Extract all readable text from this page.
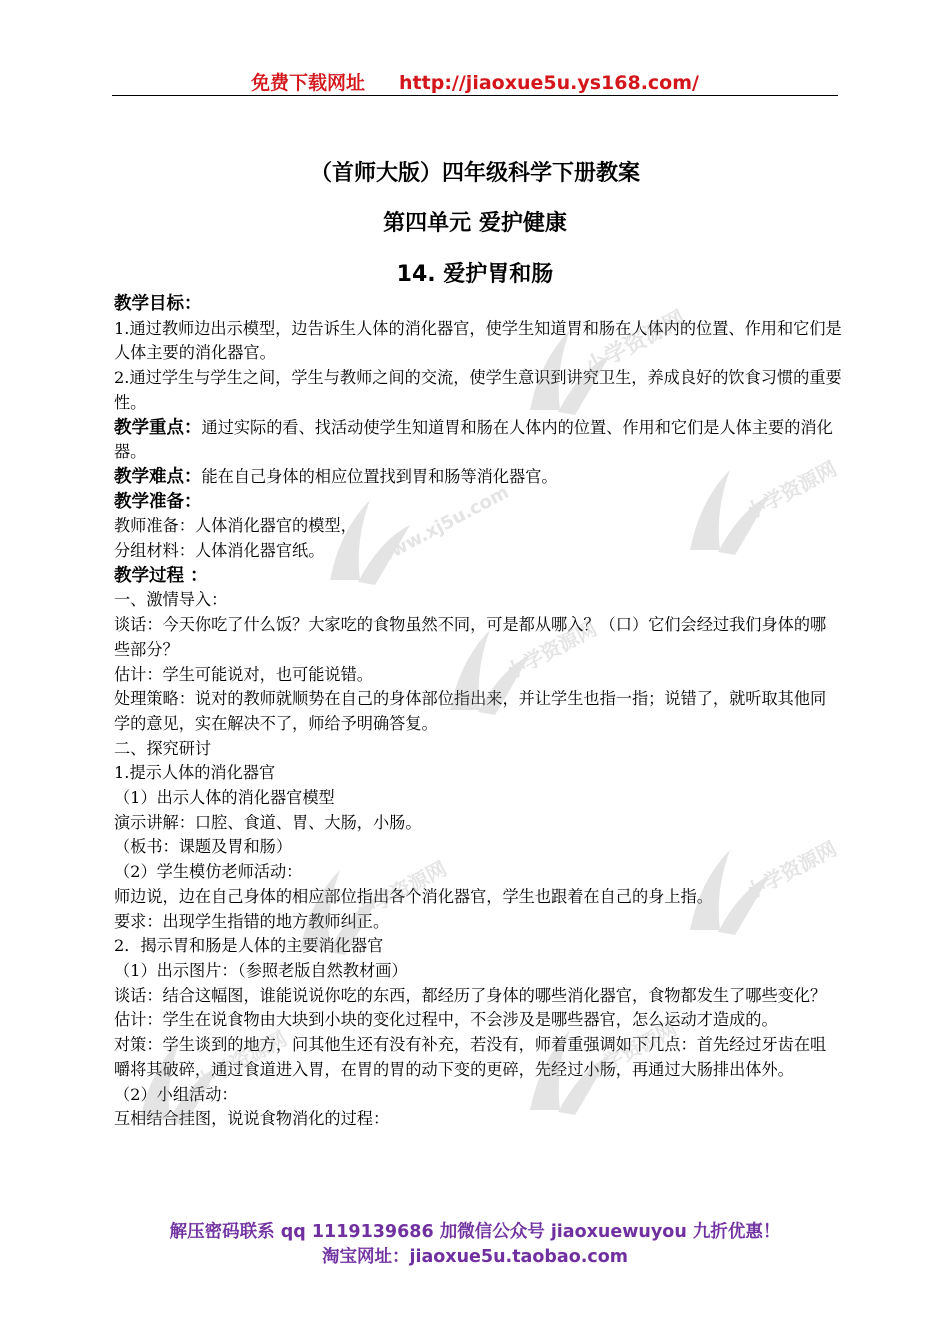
免费下载网址 http://jiaoxue5u.ys168.com/
（首师大版）四年级科学下册教案
第四单元 爱护健康
14. 爱护胃和肠

教学目标：

1.通过教师边出示模型，边告诉生人体的消化器官，使学生知道胃和肠在人体内的位置、作用和它们是人体主要的消化器官。

2.通过学生与学生之间，学生与教师之间的交流，使学生意识到讲究卫生，养成良好的饮食习惯的重要性。

教学重点：通过实际的看、找活动使学生知道胃和肠在人体内的位置、作用和它们是人体主要的消化器。

教学难点：能在自己身体的相应位置找到胃和肠等消化器官。

教学准备：

教师准备：人体消化器官的模型，

分组材料：人体消化器官纸。

教学过程 ：

一、激情导入：

谈话：今天你吃了什么饭？大家吃的食物虽然不同，可是都从哪入？（口）它们会经过我们身体的哪些部分？

估计：学生可能说对，也可能说错。

处理策略：说对的教师就顺势在自己的身体部位指出来，并让学生也指一指；说错了，就听取其他同学的意见，实在解决不了，师给予明确答复。

二、探究研讨

1.提示人体的消化器官

（1）出示人体的消化器官模型

演示讲解：口腔、食道、胃、大肠，小肠。

（板书：课题及胃和肠）

（2）学生模仿老师活动：

师边说，边在自己身体的相应部位指出各个消化器官，学生也跟着在自己的身上指。

要求：出现学生指错的地方教师纠正。

2．揭示胃和肠是人体的主要消化器官

（1）出示图片：（参照老版自然教材画）

谈话：结合这幅图，谁能说说你吃的东西，都经历了身体的哪些消化器官，食物都发生了哪些变化？

估计：学生在说食物由大块到小块的变化过程中，不会涉及是哪些器官，怎么运动才造成的。

对策：学生谈到的地方，问其他生还有没有补充，若没有，师着重强调如下几点：首先经过牙齿在咀嚼将其破碎，通过食道进入胃，在胃的胃的动下变的更碎，先经过小肠，再通过大肠排出体外。

（2）小组活动：

互相结合挂图，说说食物消化的过程：

小学资源网
www.xj5u.com	小学资源网
小学资源网
小学资源网	小学资源网
小学资源网	小学资源网
解压密码联系 qq 1119139686 加微信公众号 jiaoxuewuyou 九折优惠！
淘宝网址：jiaoxue5u.taobao.com
